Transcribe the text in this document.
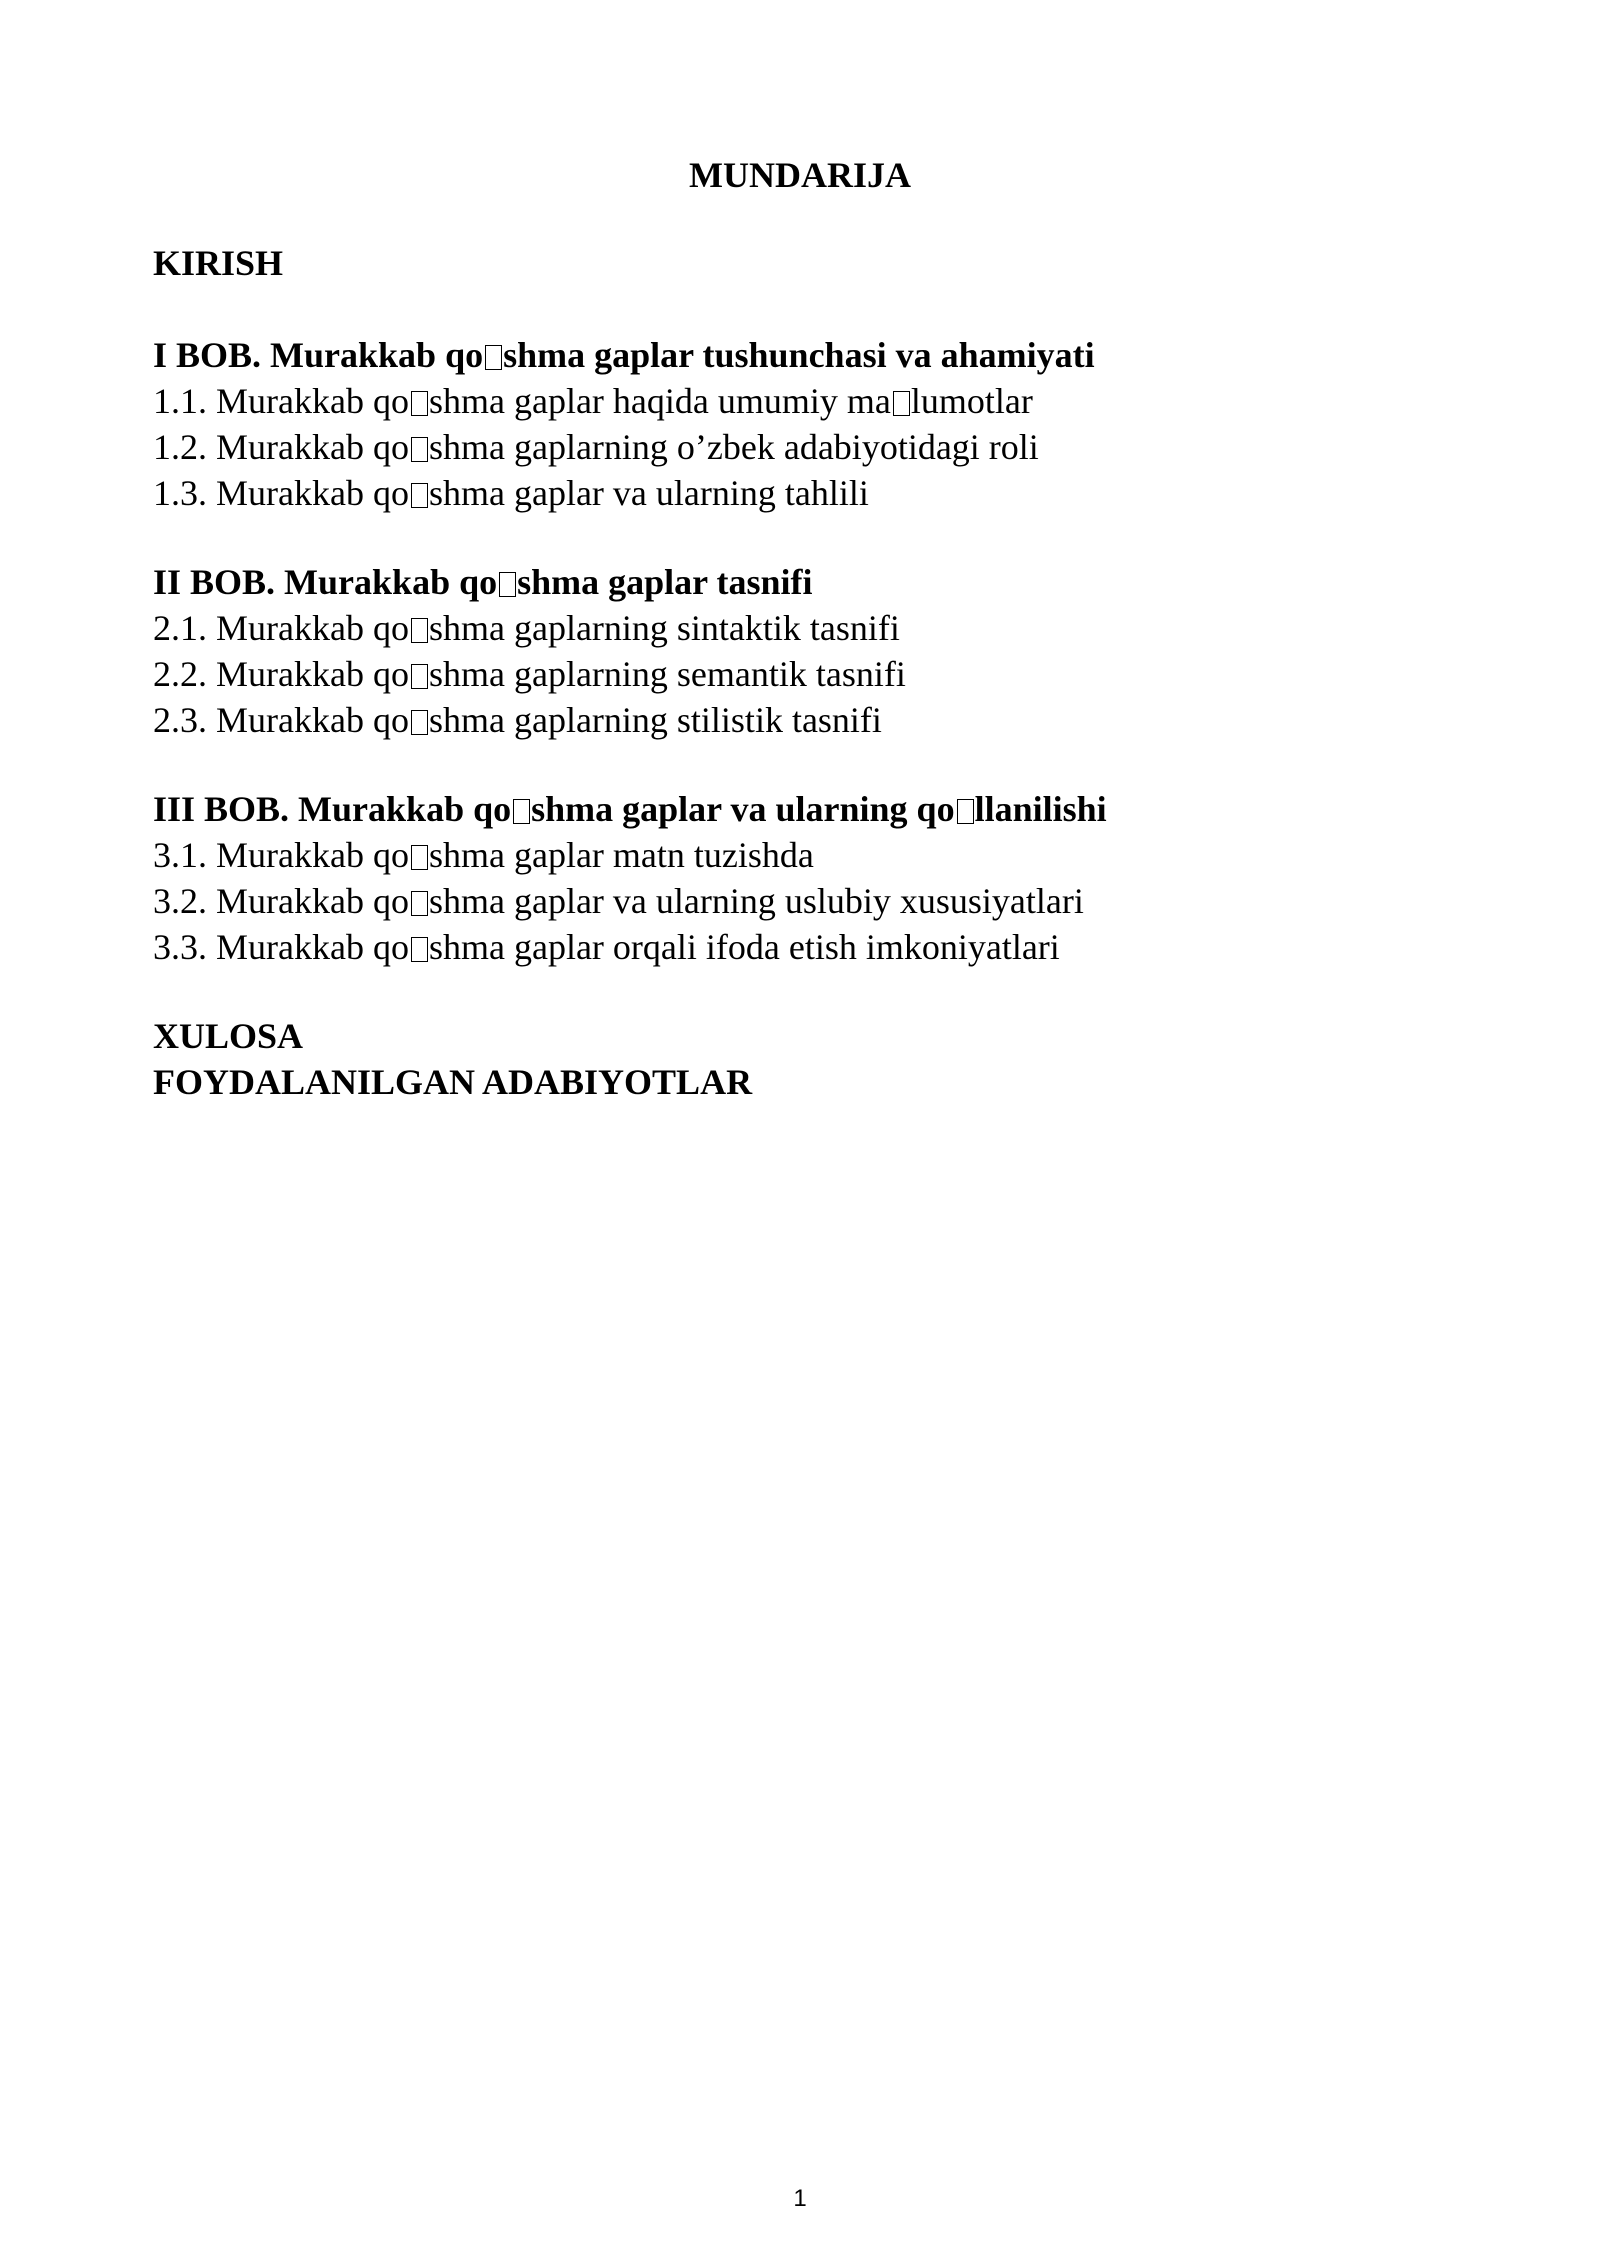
MUNDARIJA
KIRISH
I BOB. Murakkab qo shma gaplar tushunchasi va ahamiyati
1.1. Murakkab qo shma gaplar haqida umumiy ma lumotlar
1.2. Murakkab qo shma gaplarning o’zbek adabiyotidagi roli
1.3. Murakkab qo shma gaplar va ularning tahlili
II BOB. Murakkab qo shma gaplar tasnifi
2.1. Murakkab qo shma gaplarning sintaktik tasnifi
2.2. Murakkab qo shma gaplarning semantik tasnifi
2.3. Murakkab qo shma gaplarning stilistik tasnifi
III BOB. Murakkab qo shma gaplar va ularning qo llanilishi
3.1. Murakkab qo shma gaplar matn tuzishda
3.2. Murakkab qo shma gaplar va ularning uslubiy xususiyatlari
3.3. Murakkab qo shma gaplar orqali ifoda etish imkoniyatlari
XULOSA
FOYDALANILGAN ADABIYOTLAR
1
